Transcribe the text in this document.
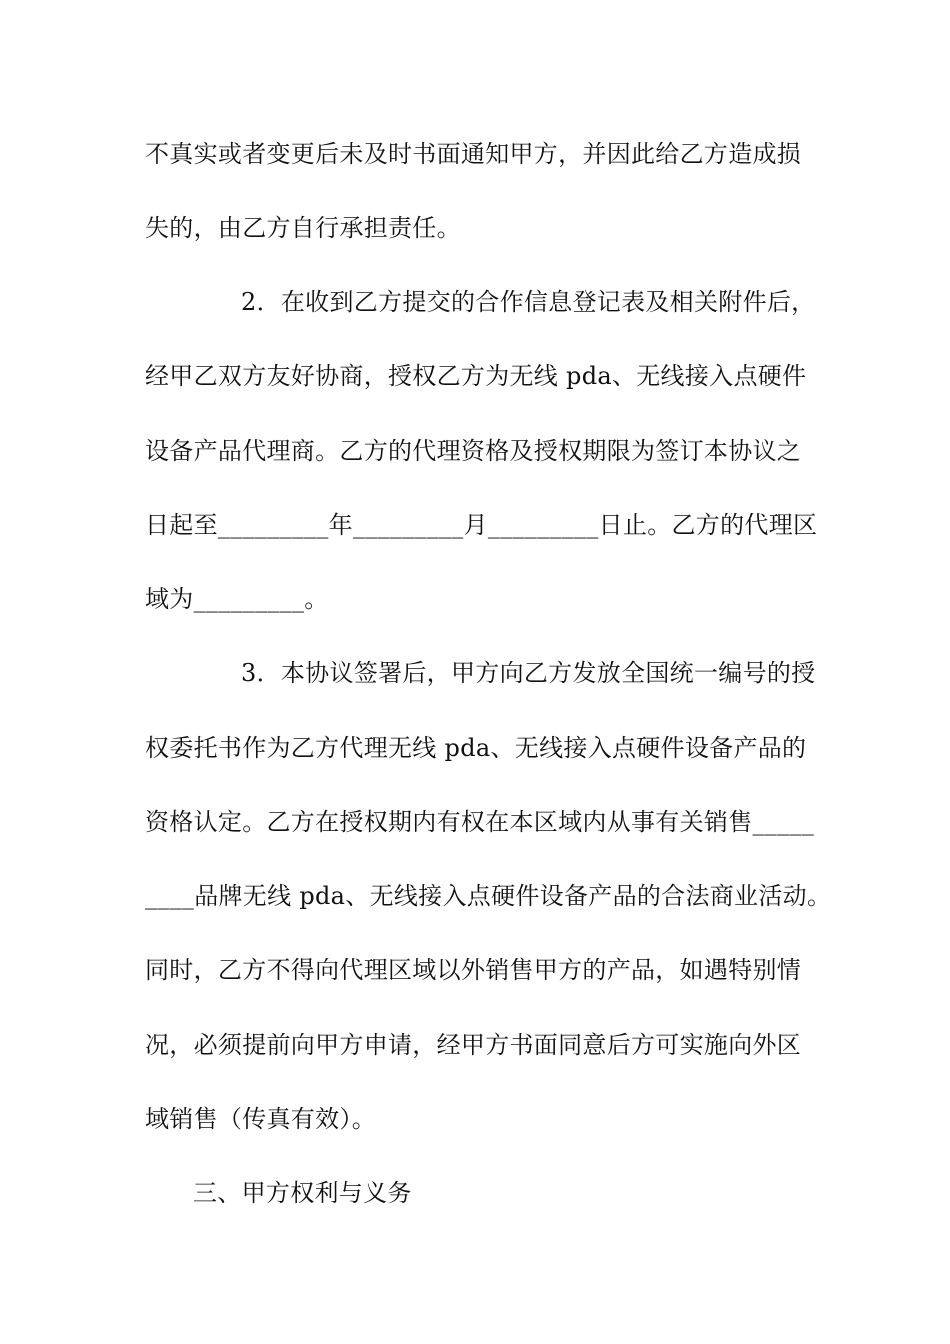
不真实或者变更后未及时书面通知甲方，并因此给乙方造成损
失的，由乙方自行承担责任。
2．在收到乙方提交的合作信息登记表及相关附件后，
经甲乙双方友好协商，授权乙方为无线 pda、无线接入点硬件
设备产品代理商。乙方的代理资格及授权期限为签订本协议之
日起至_________年_________月_________日止。乙方的代理区
域为_________。
3．本协议签署后，甲方向乙方发放全国统一编号的授
权委托书作为乙方代理无线 pda、无线接入点硬件设备产品的
资格认定。乙方在授权期内有权在本区域内从事有关销售_____
____品牌无线 pda、无线接入点硬件设备产品的合法商业活动。
同时，乙方不得向代理区域以外销售甲方的产品，如遇特别情
况，必须提前向甲方申请，经甲方书面同意后方可实施向外区
域销售（传真有效）。
三、甲方权利与义务
